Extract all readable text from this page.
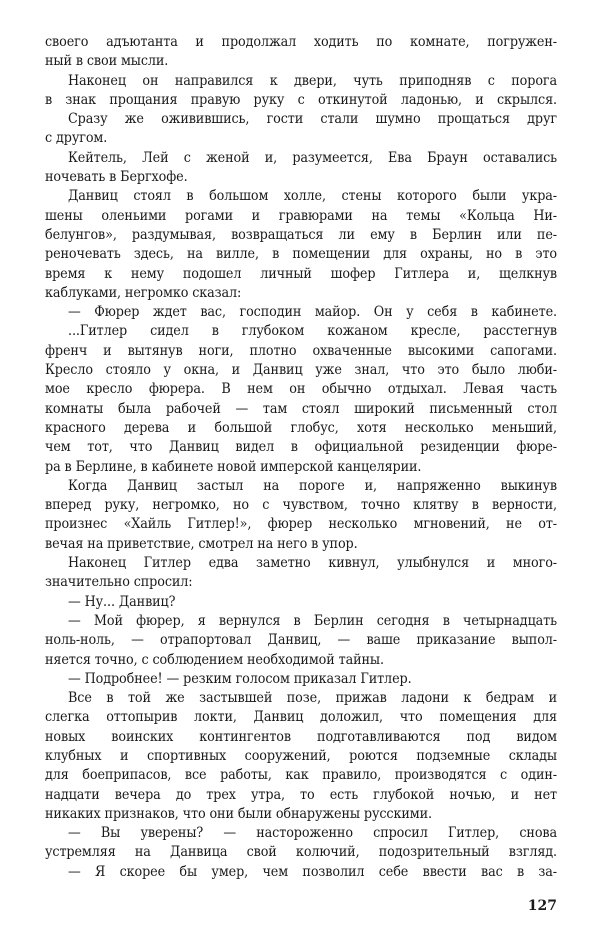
своего адъютанта и продолжал ходить по комнате, погружен-
ный в свои мысли.
Наконец он направился к двери, чуть приподняв с порога
в знак прощания правую руку с откинутой ладонью, и скрылся.
Сразу же оживившись, гости стали шумно прощаться друг
с другом.
Кейтель, Лей с женой и, разумеется, Ева Браун оставались
ночевать в Бергхофе.
Данвиц стоял в большом холле, стены которого были укра-
шены оленьими рогами и гравюрами на темы «Кольца Ни-
белунгов», раздумывая, возвращаться ли ему в Берлин или пе-
реночевать здесь, на вилле, в помещении для охраны, но в это
время к нему подошел личный шофер Гитлера и, щелкнув
каблуками, негромко сказал:
— Фюрер ждет вас, господин майор. Он у себя в кабинете.
...Гитлер сидел в глубоком кожаном кресле, расстегнув
френч и вытянув ноги, плотно охваченные высокими сапогами.
Кресло стояло у окна, и Данвиц уже знал, что это было люби-
мое кресло фюрера. В нем он обычно отдыхал. Левая часть
комнаты была рабочей — там стоял широкий письменный стол
красного дерева и большой глобус, хотя несколько меньший,
чем тот, что Данвиц видел в официальной резиденции фюре-
ра в Берлине, в кабинете новой имперской канцелярии.
Когда Данвиц застыл на пороге и, напряженно выкинув
вперед руку, негромко, но с чувством, точно клятву в верности,
произнес «Хайль Гитлер!», фюрер несколько мгновений, не от-
вечая на приветствие, смотрел на него в упор.
Наконец Гитлер едва заметно кивнул, улыбнулся и много-
значительно спросил:
— Ну... Данвиц?
— Мой фюрер, я вернулся в Берлин сегодня в четырнадцать
ноль-ноль, — отрапортовал Данвиц, — ваше приказание выпол-
няется точно, с соблюдением необходимой тайны.
— Подробнее! — резким голосом приказал Гитлер.
Все в той же застывшей позе, прижав ладони к бедрам и
слегка оттопырив локти, Данвиц доложил, что помещения для
новых воинских контингентов подготавливаются под видом
клубных и спортивных сооружений, роются подземные склады
для боеприпасов, все работы, как правило, производятся с один-
надцати вечера до трех утра, то есть глубокой ночью, и нет
никаких признаков, что они были обнаружены русскими.
— Вы уверены? — настороженно спросил Гитлер, снова
устремляя на Данвица свой колючий, подозрительный взгляд.
— Я скорее бы умер, чем позволил себе ввести вас в за-
127
